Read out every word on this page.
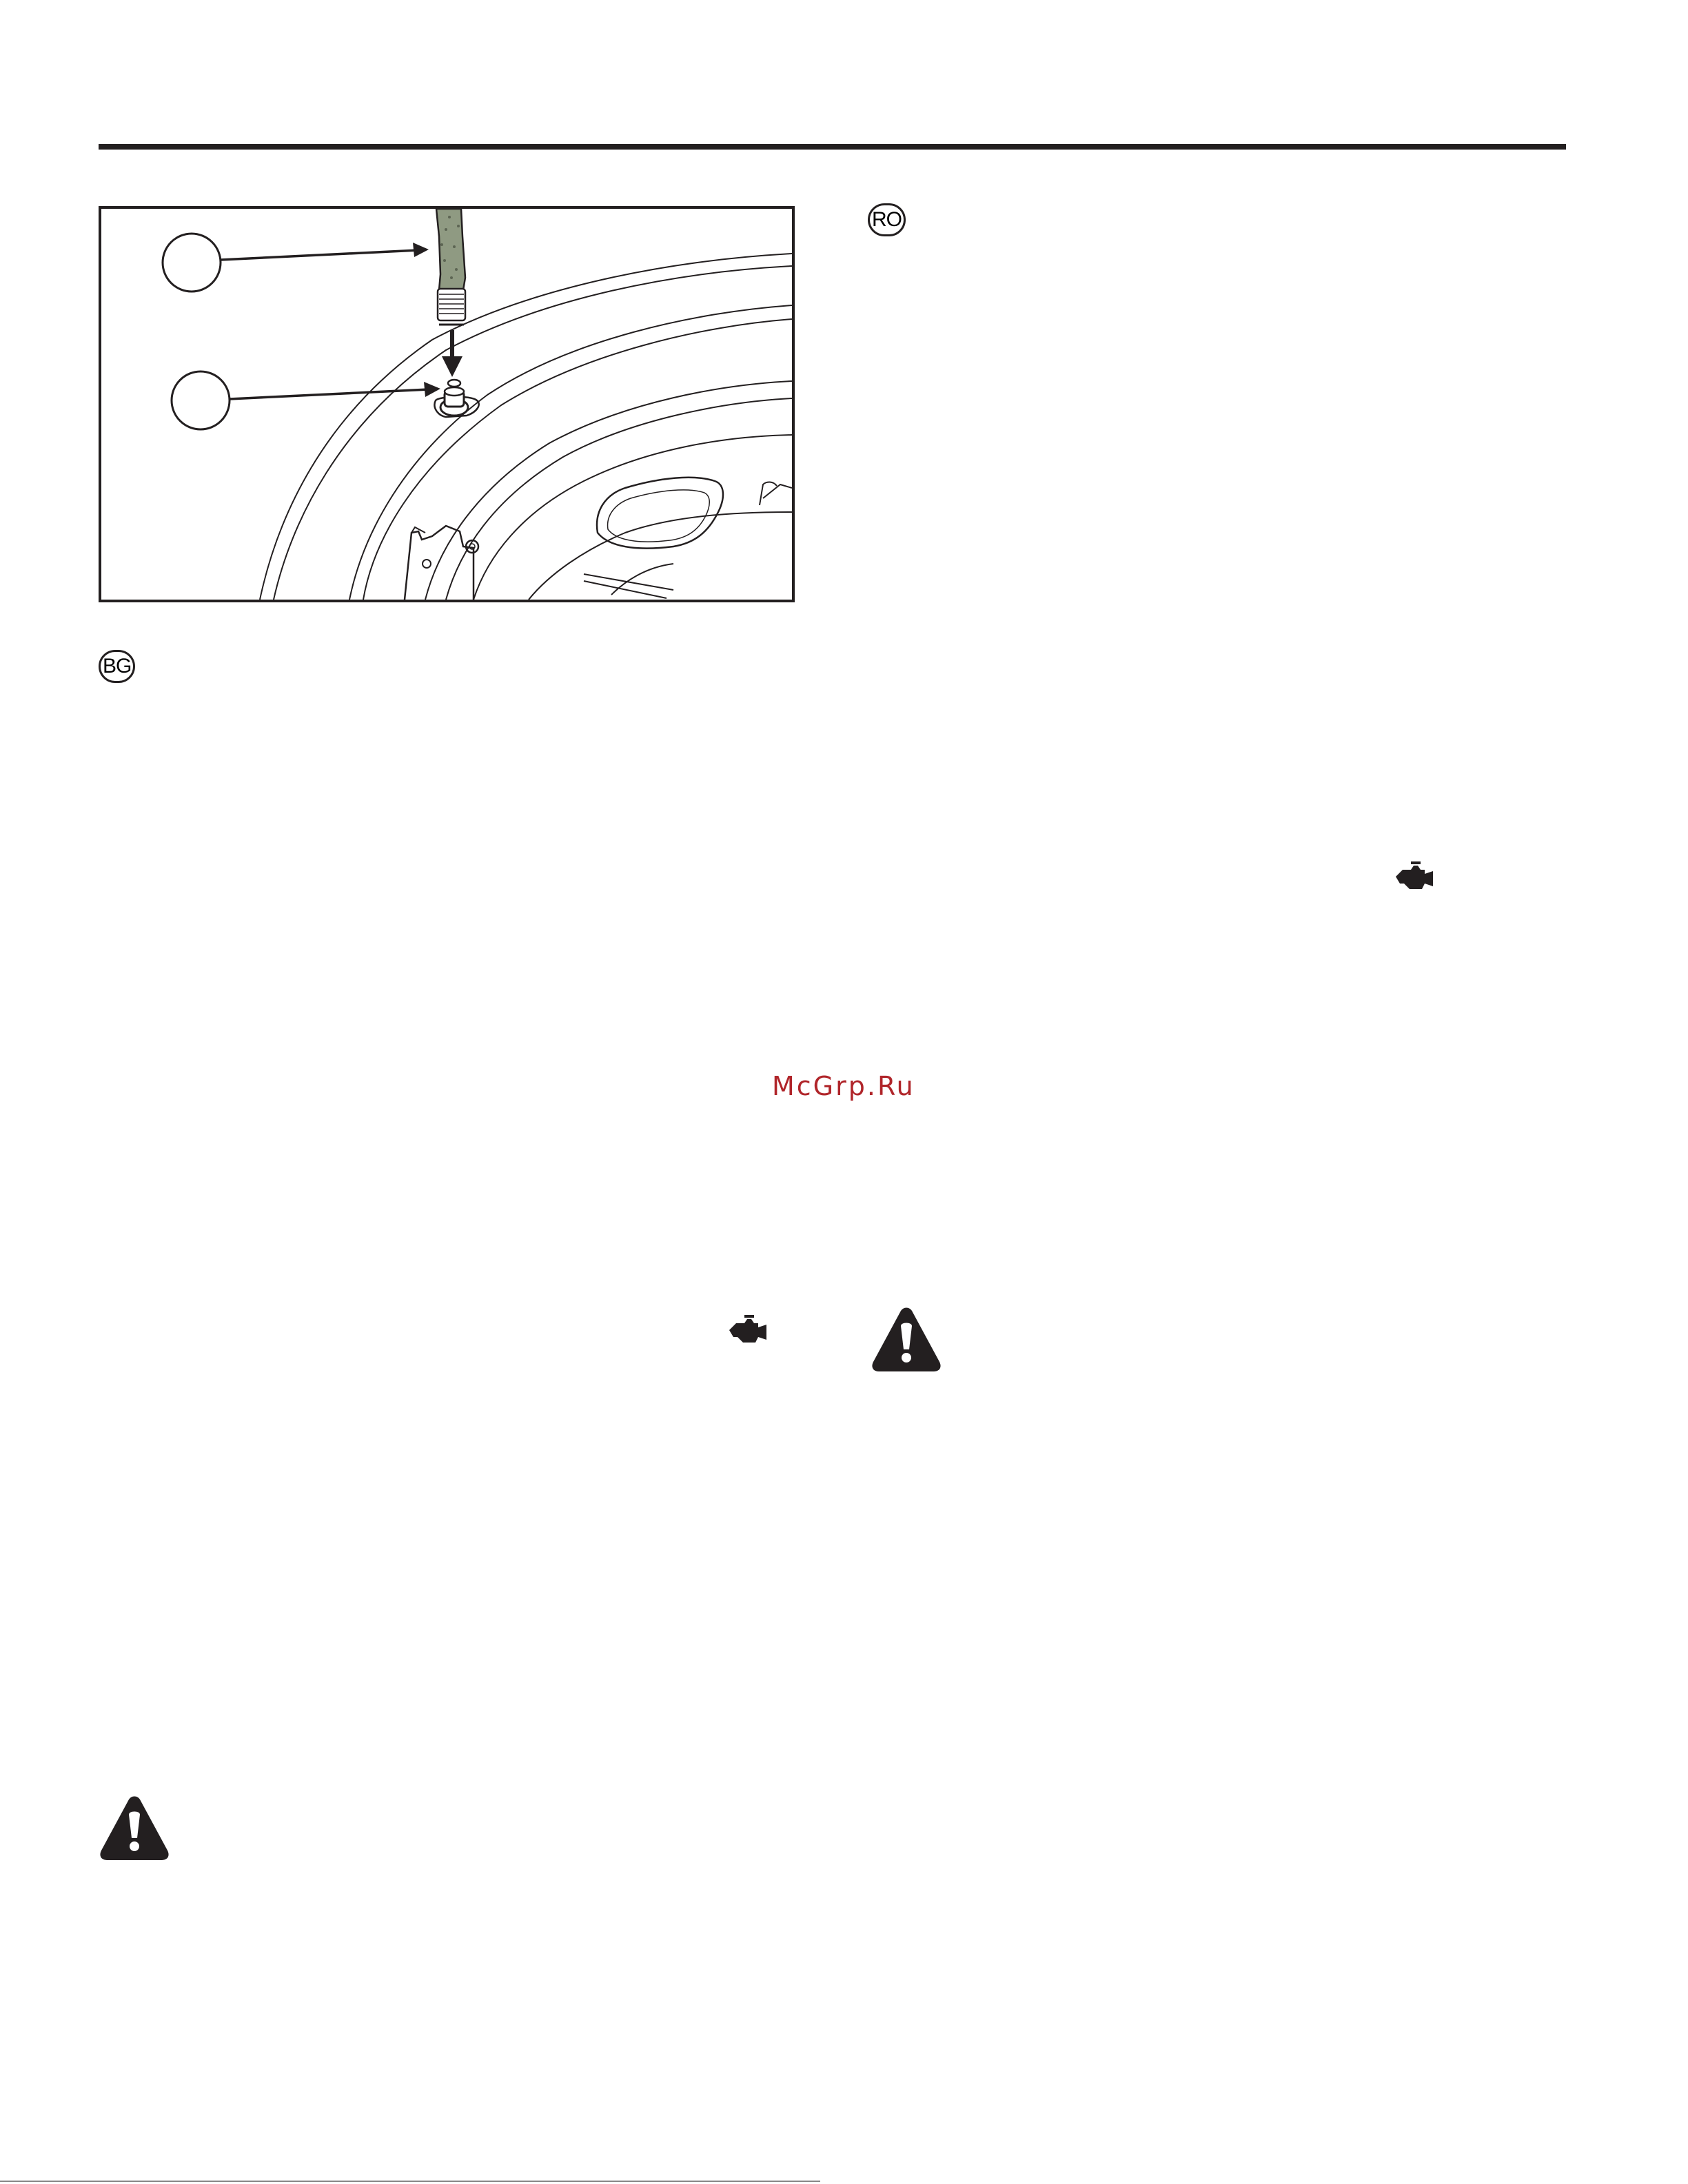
RO
BG
McGrp.Ru
